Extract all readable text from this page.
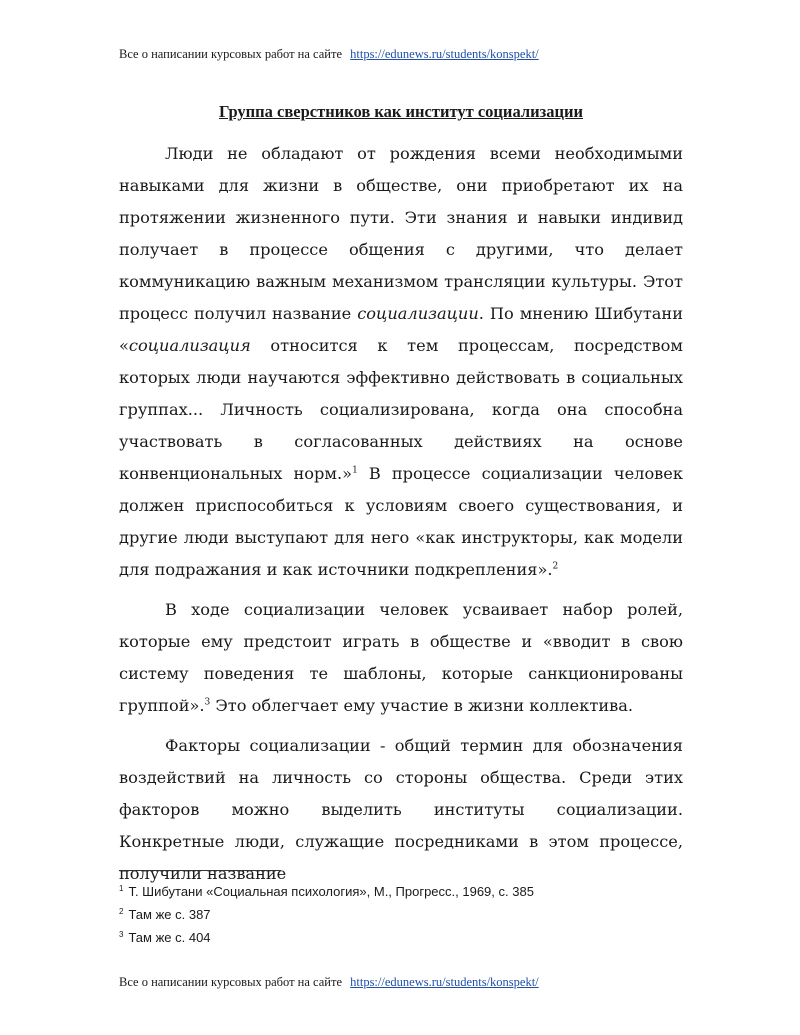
Все о написании курсовых работ на сайте https://edunews.ru/students/konspekt/
Группа сверстников как институт социализации

Люди не обладают от рождения всеми необходимыми навыками для жизни в обществе, они приобретают их на протяжении жизненного пути. Эти знания и навыки индивид получает в процессе общения с другими, что делает коммуникацию важным механизмом трансляции культуры. Этот процесс получил название социализации. По мнению Шибутани «социализация относится к тем процессам, посредством которых люди научаются эффективно действовать в социальных группах... Личность социализирована, когда она способна участвовать в согласованных действиях на основе конвенциональных норм.»$^1$ В процессе социализации человек должен приспособиться к условиям своего существования, и другие люди выступают для него «как инструкторы, как модели для подражания и как источники подкрепления».$^2$

В ходе социализации человек усваивает набор ролей, которые ему предстоит играть в обществе и «вводит в свою систему поведения те шаблоны, которые санкционированы группой».$^3$ Это облегчает ему участие в жизни коллектива.

Факторы социализации - общий термин для обозначения воздействий на личность со стороны общества. Среди этих факторов можно выделить институты социализации. Конкретные люди, служащие посредниками в этом процессе, получили название

$^1$ Т. Шибутани «Социальная психология», М., Прогресс., 1969, с. 385
$^2$ Там же с. 387
$^3$ Там же с. 404
Все о написании курсовых работ на сайте https://edunews.ru/students/konspekt/
